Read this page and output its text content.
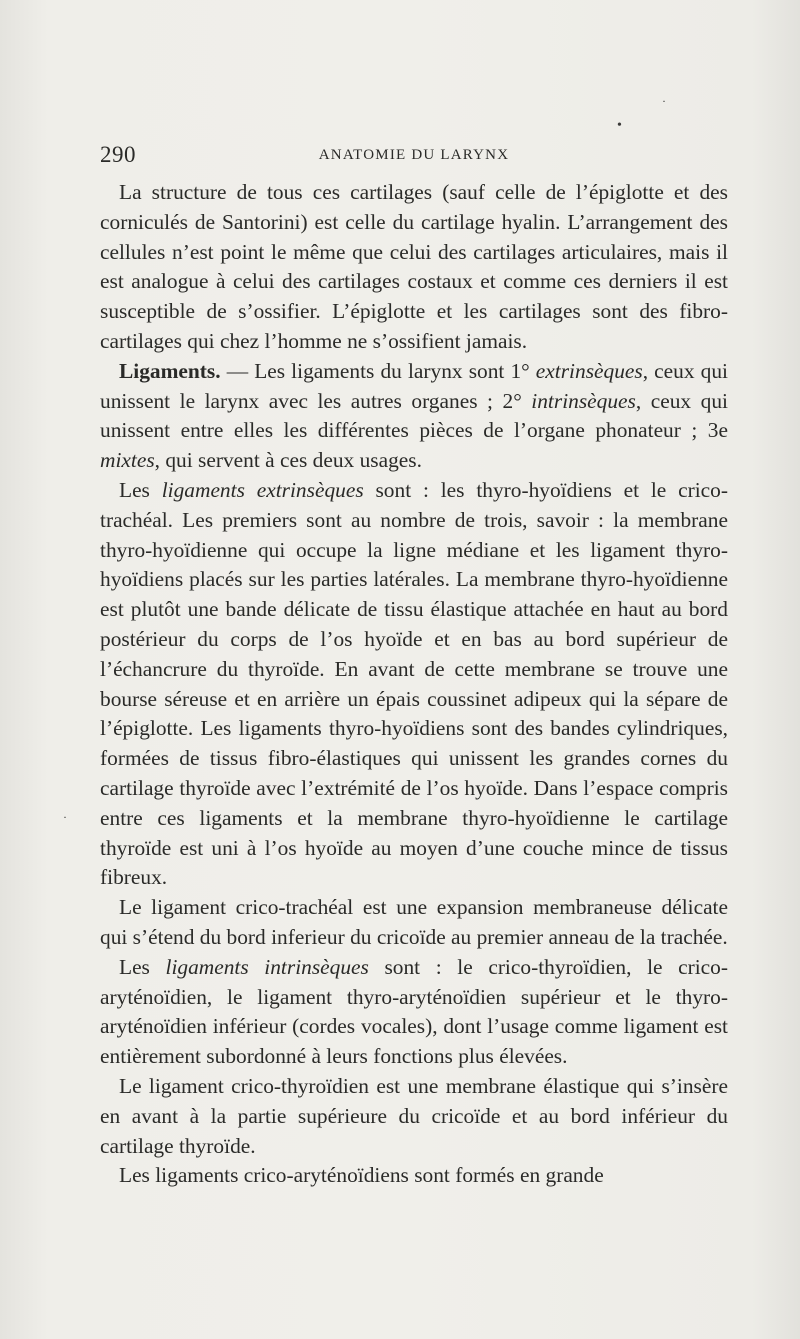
·
•
·
290	ANATOMIE DU LARYNX

La structure de tous ces cartilages (sauf celle de l’épiglotte et des corniculés de Santorini) est celle du cartilage hyalin. L’arrangement des cellules n’est point le même que celui des cartilages articulaires, mais il est analogue à celui des cartilages costaux et comme ces derniers il est susceptible de s’ossifier. L’épiglotte et les cartilages sont des fibro-cartilages qui chez l’homme ne s’ossifient jamais.

Ligaments. — Les ligaments du larynx sont 1° extrinsèques, ceux qui unissent le larynx avec les autres organes ; 2° intrinsèques, ceux qui unissent entre elles les différentes pièces de l’organe phonateur ; 3e mixtes, qui servent à ces deux usages.

Les ligaments extrinsèques sont : les thyro-hyoïdiens et le crico-trachéal. Les premiers sont au nombre de trois, savoir : la membrane thyro-hyoïdienne qui occupe la ligne médiane et les ligament thyro-hyoïdiens placés sur les parties latérales. La membrane thyro-hyoïdienne est plutôt une bande délicate de tissu élastique attachée en haut au bord postérieur du corps de l’os hyoïde et en bas au bord supérieur de l’échancrure du thyroïde. En avant de cette membrane se trouve une bourse séreuse et en arrière un épais coussinet adipeux qui la sépare de l’épiglotte. Les ligaments thyro-hyoïdiens sont des bandes cylindriques, formées de tissus fibro-élastiques qui unissent les grandes cornes du cartilage thyroïde avec l’extrémité de l’os hyoïde. Dans l’espace compris entre ces ligaments et la membrane thyro-hyoïdienne le cartilage thyroïde est uni à l’os hyoïde au moyen d’une couche mince de tissus fibreux.

Le ligament crico-trachéal est une expansion membraneuse délicate qui s’étend du bord inferieur du cricoïde au premier anneau de la trachée.

Les ligaments intrinsèques sont : le crico-thyroïdien, le crico-aryténoïdien, le ligament thyro-aryténoïdien supérieur et le thyro-aryténoïdien inférieur (cordes vocales), dont l’usage comme ligament est entièrement subordonné à leurs fonctions plus élevées.

Le ligament crico-thyroïdien est une membrane élastique qui s’insère en avant à la partie supérieure du cricoïde et au bord inférieur du cartilage thyroïde.

Les ligaments crico-aryténoïdiens sont formés en grande
